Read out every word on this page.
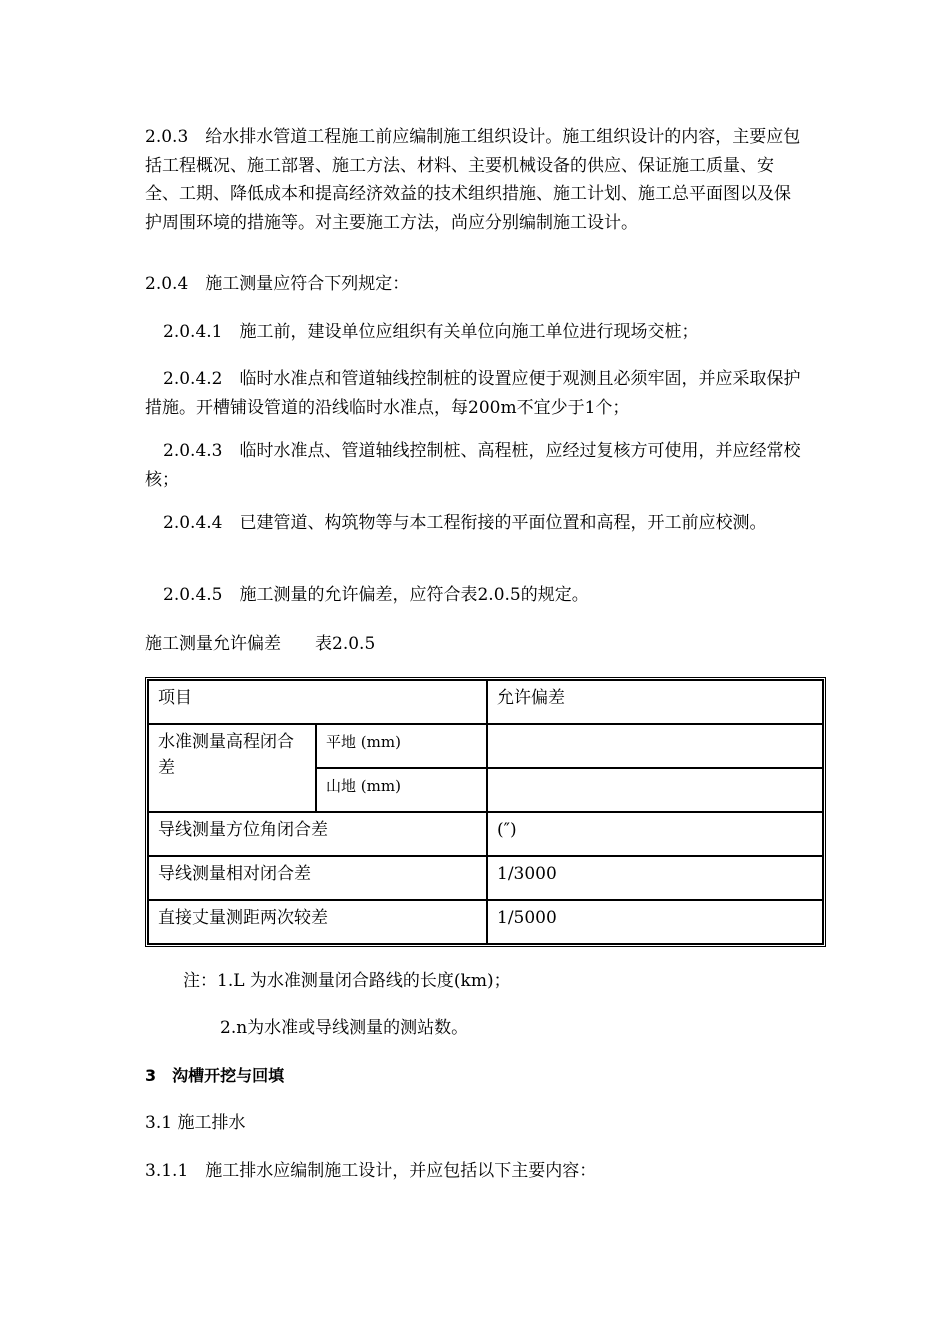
2.0.3　给水排水管道工程施工前应编制施工组织设计。施工组织设计的内容，主要应包括工程概况、施工部署、施工方法、材料、主要机械设备的供应、保证施工质量、安全、工期、降低成本和提高经济效益的技术组织措施、施工计划、施工总平面图以及保护周围环境的措施等。对主要施工方法，尚应分别编制施工设计。

2.0.4　施工测量应符合下列规定：

2.0.4.1　施工前，建设单位应组织有关单位向施工单位进行现场交桩；

2.0.4.2　临时水准点和管道轴线控制桩的设置应便于观测且必须牢固，并应采取保护措施。开槽铺设管道的沿线临时水准点，每200m不宜少于1个；

2.0.4.3　临时水准点、管道轴线控制桩、高程桩，应经过复核方可使用，并应经常校核；

2.0.4.4　已建管道、构筑物等与本工程衔接的平面位置和高程，开工前应校测。

2.0.4.5　施工测量的允许偏差，应符合表2.0.5的规定。

施工测量允许偏差　　表2.0.5

项目		允许偏差
水准测量高程闭合差	平地 (mm)	
	山地 (mm)	
导线测量方位角闭合差		(″)
导线测量相对闭合差		1/3000
直接丈量测距两次较差		1/5000
注：1.L 为水准测量闭合路线的长度(km)；
2.n为水准或导线测量的测站数。
3　沟槽开挖与回填

3.1 施工排水

3.1.1　施工排水应编制施工设计，并应包括以下主要内容：
